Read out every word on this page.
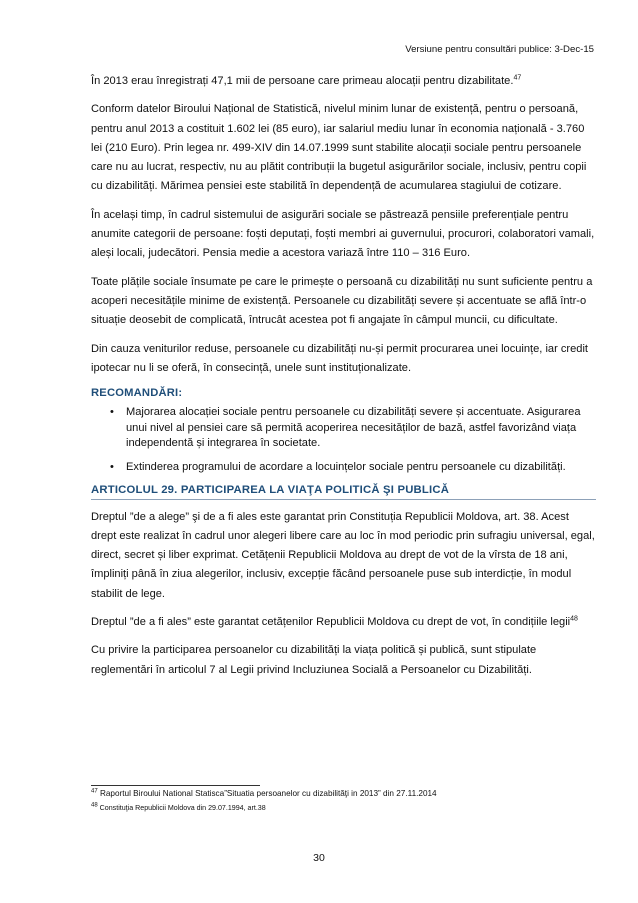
Versiune pentru consultări publice: 3-Dec-15

În 2013 erau înregistrați 47,1 mii de persoane care primeau alocații pentru dizabilitate.$^{47}$

Conform datelor Biroului Național de Statistică, nivelul minim lunar de existență, pentru o persoană, pentru anul 2013 a costituit 1.602 lei (85 euro), iar salariul mediu lunar în economia națională - 3.760 lei (210 Euro). Prin legea nr. 499-XIV din 14.07.1999 sunt stabilite alocații sociale pentru persoanele care nu au lucrat, respectiv, nu au plătit contribuții la bugetul asigurărilor sociale, inclusiv, pentru copii cu dizabilități. Mărimea pensiei este stabilită în dependență de acumularea stagiului de cotizare.

În același timp, în cadrul sistemului de asigurări sociale se păstrează pensiile preferențiale pentru anumite categorii de persoane: foști deputați, foști membri ai guvernului, procurori, colaboratori vamali, aleși locali, judecători. Pensia medie a acestora variază între 110 – 316 Euro.

Toate plățile sociale însumate pe care le primește o persoană cu dizabilități nu sunt suficiente pentru a acoperi necesitățile minime de existență. Persoanele cu dizabilități severe și accentuate se află într-o situație deosebit de complicată, întrucât acestea pot fi angajate în câmpul muncii, cu dificultate.

Din cauza veniturilor reduse, persoanele cu dizabilități nu-și permit procurarea unei locuințe, iar credit ipotecar nu li se oferă, în consecință, unele sunt instituționalizate.

RECOMANDĂRI:
• Majorarea alocației sociale pentru persoanele cu dizabilități severe și accentuate. Asigurarea unui nivel al pensiei care să permită acoperirea necesităților de bază, astfel favorizând viața independentă și integrarea în societate.
• Extinderea programului de acordare a locuințelor sociale pentru persoanele cu dizabilități.
ARTICOLUL 29. PARTICIPAREA LA VIAŢA POLITICĂ ŞI PUBLICĂ

Dreptul ”de a alege” şi de a fi ales este garantat prin Constituția Republicii Moldova, art. 38. Acest drept este realizat în cadrul unor alegeri libere care au loc în mod periodic prin sufragiu universal, egal, direct, secret și liber exprimat. Cetățenii Republicii Moldova au drept de vot de la vîrsta de 18 ani, împliniți până în ziua alegerilor, inclusiv, excepție făcând persoanele puse sub interdicție, în modul stabilit de lege.

Dreptul ”de a fi ales” este garantat cetățenilor Republicii Moldova cu drept de vot, în condițiile legii$^{48}$

Cu privire la participarea persoanelor cu dizabilități la viața politică și publică, sunt stipulate reglementări în articolul 7 al Legii privind Incluziunea Socială a Persoanelor cu Dizabilități.

$^{47}$ Raportul Biroului National Statisca”Situatia persoanelor cu dizabilităţi in 2013” din 27.11.2014
$^{48}$ Constituţia Republicii Moldova din 29.07.1994, art.38
30
